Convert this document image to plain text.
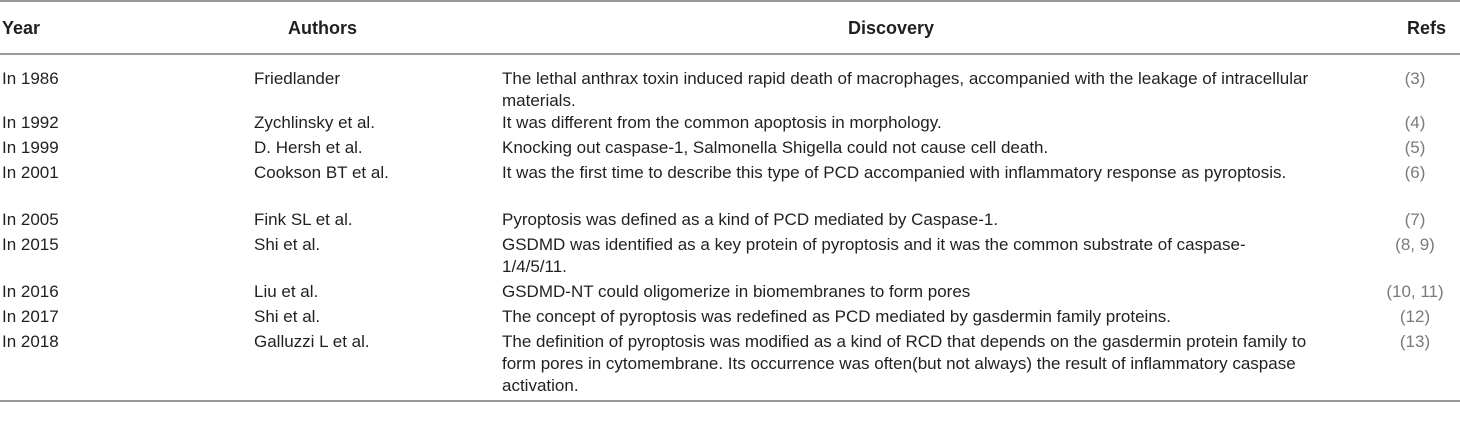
Year	Authors	Discovery	Refs
In 1986	Friedlander	The lethal anthrax toxin induced rapid death of macrophages, accompanied with the leakage of intracellular materials.	(3)
In 1992	Zychlinsky et al.	It was different from the common apoptosis in morphology.	(4)
In 1999	D. Hersh et al.	Knocking out caspase-1, Salmonella Shigella could not cause cell death.	(5)
In 2001	Cookson BT et al.	It was the first time to describe this type of PCD accompanied with inflammatory response as pyroptosis.	(6)
In 2005	Fink SL et al.	Pyroptosis was defined as a kind of PCD mediated by Caspase-1.	(7)
In 2015	Shi et al.	GSDMD was identified as a key protein of pyroptosis and it was the common substrate of caspase-1/4/5/11.	(8, 9)
In 2016	Liu et al.	GSDMD-NT could oligomerize in biomembranes to form pores	(10, 11)
In 2017	Shi et al.	The concept of pyroptosis was redefined as PCD mediated by gasdermin family proteins.	(12)
In 2018	Galluzzi L et al.	The definition of pyroptosis was modified as a kind of RCD that depends on the gasdermin protein family to form pores in cytomembrane. Its occurrence was often(but not always) the result of inflammatory caspase activation.	(13)
